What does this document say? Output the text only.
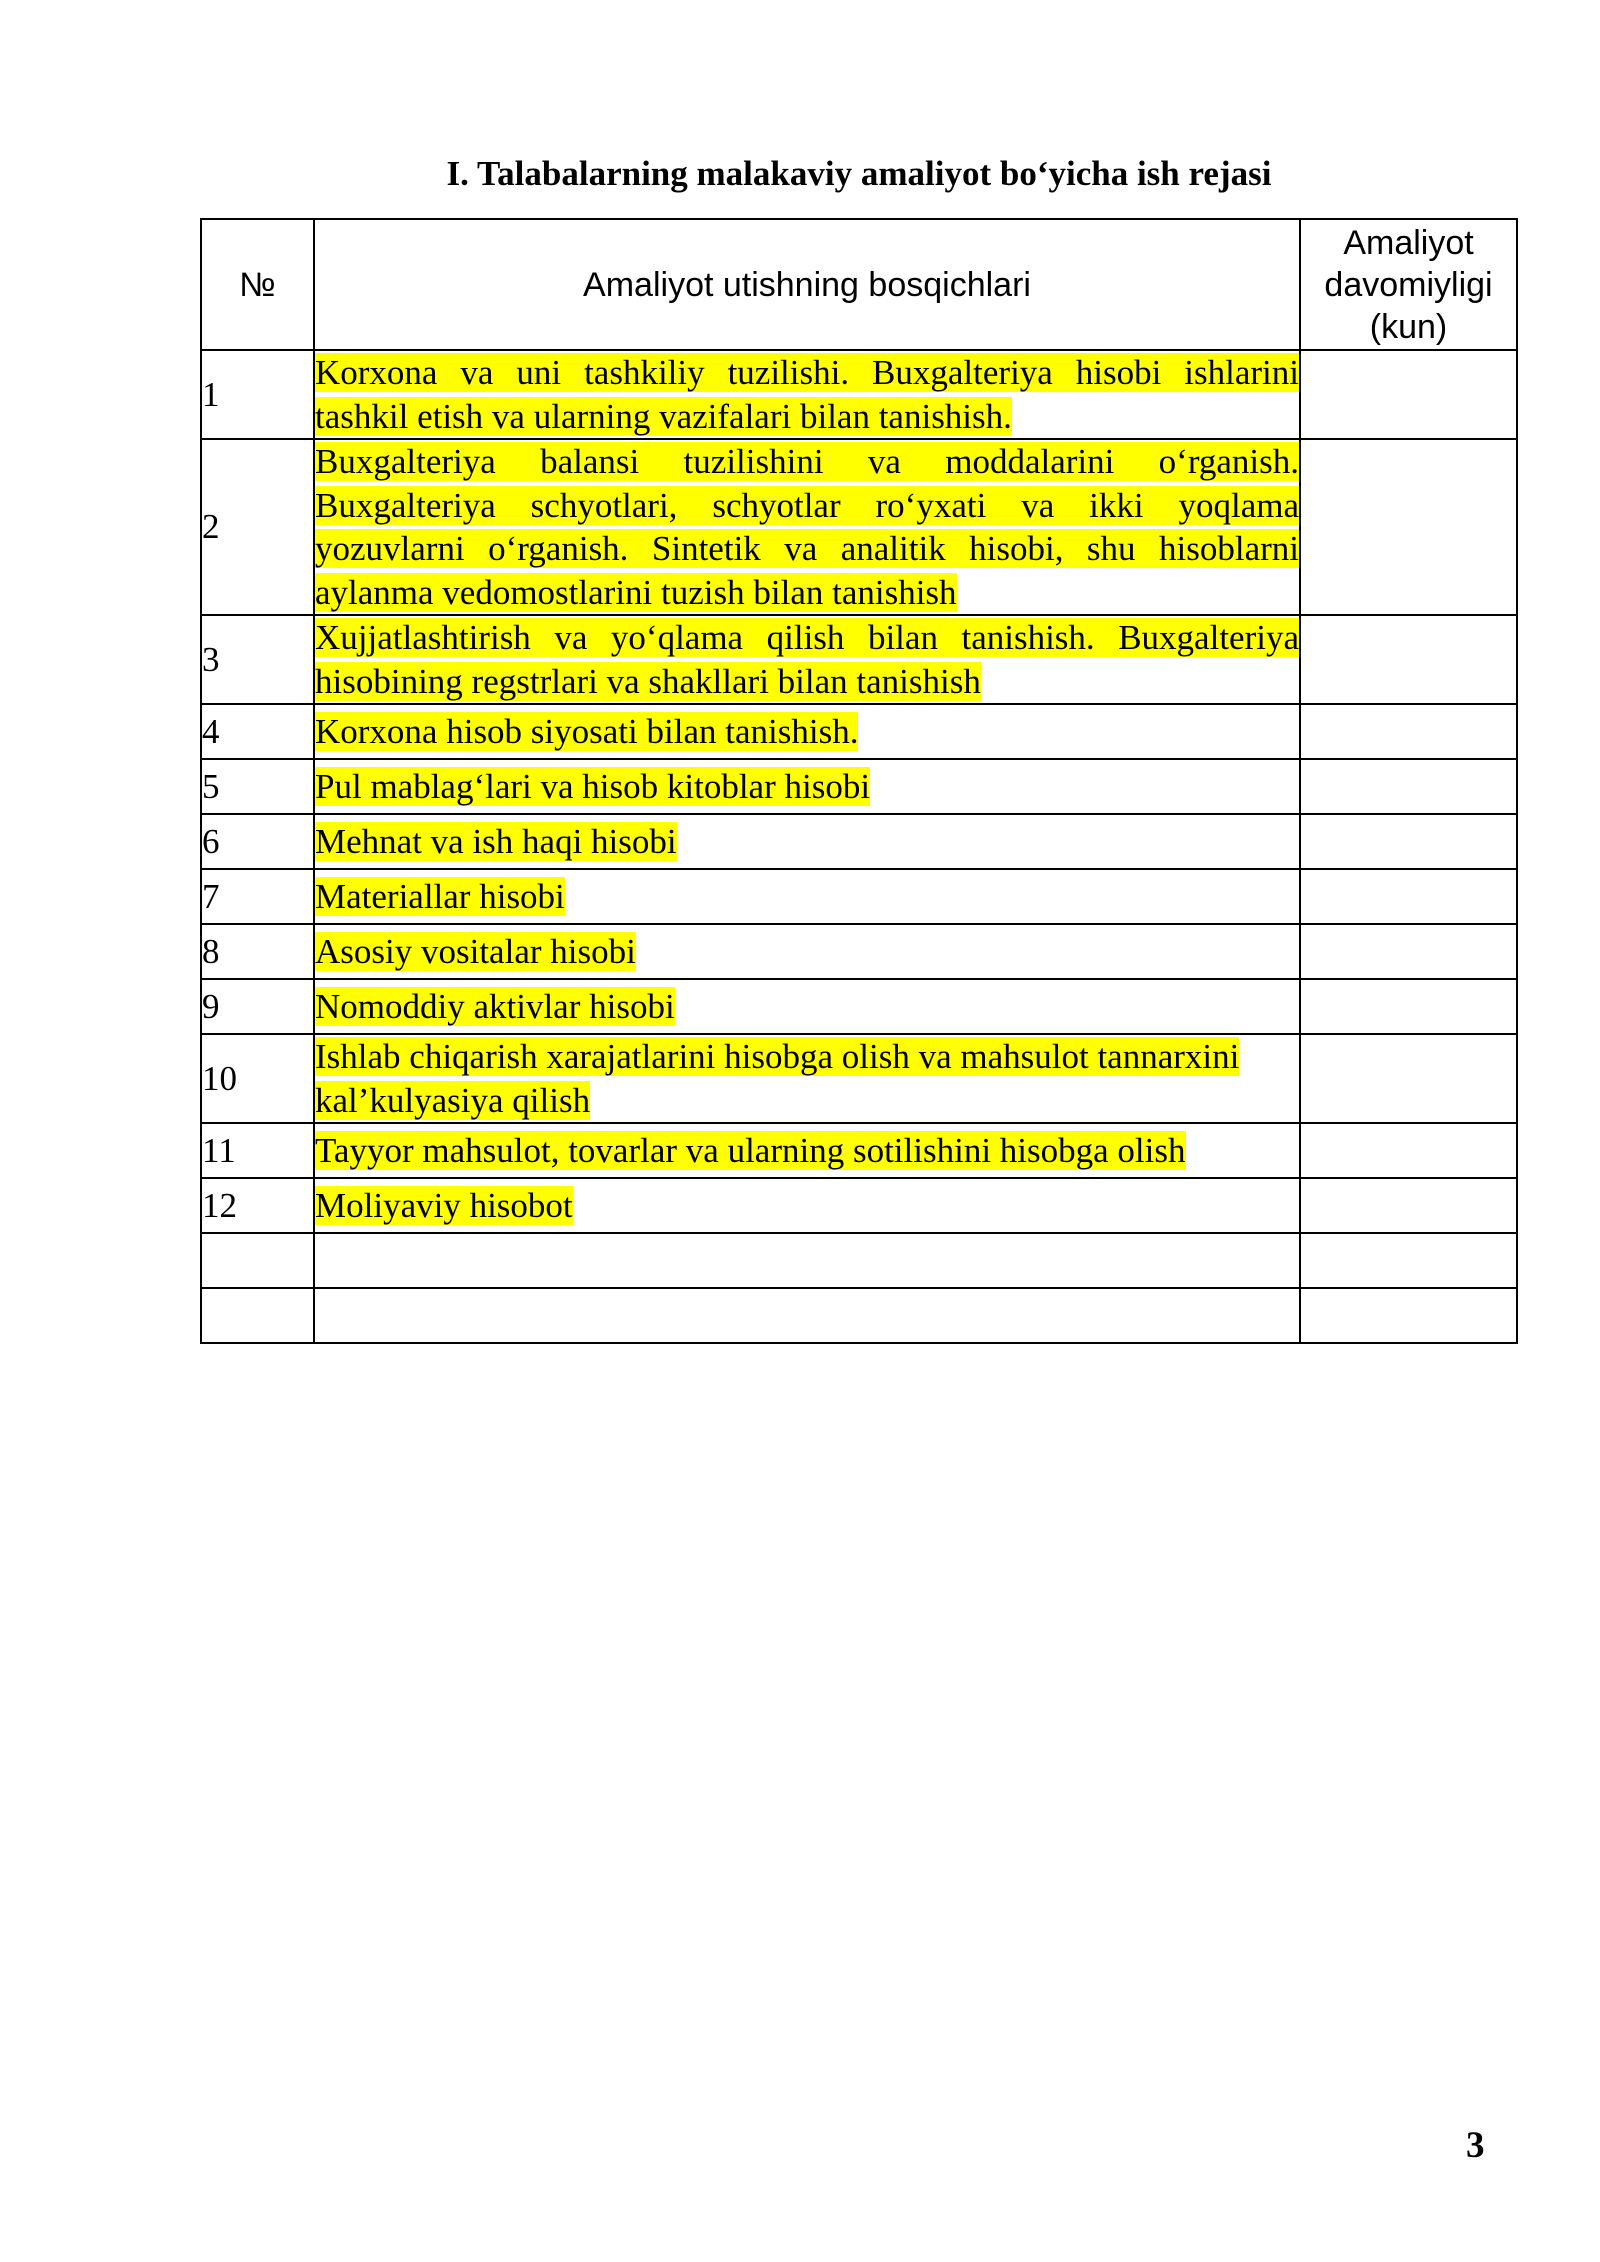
I. Talabalarning malakaviy amaliyot bo‘yicha ish rejasi
№	Amaliyot utishning bosqichlari	Amaliyot
davomiyligi
(kun)
1	Korxona va uni tashkiliy tuzilishi. Buxgalteriya hisobi ishlarini tashkil etish va ularning vazifalari bilan tanishish.	
2	Buxgalteriya balansi tuzilishini va moddalarini o‘rganish. Buxgalteriya schyotlari, schyotlar ro‘yxati va ikki yoqlama yozuvlarni o‘rganish. Sintetik va analitik hisobi, shu hisoblarni aylanma vedomostlarini tuzish bilan tanishish	
3	Xujjatlashtirish va yo‘qlama qilish bilan tanishish. Buxgalteriya hisobining regstrlari va shakllari bilan tanishish	
4	Korxona hisob siyosati bilan tanishish.	
5	Pul mablag‘lari va hisob kitoblar hisobi	
6	Mehnat va ish haqi hisobi	
7	Materiallar hisobi	
8	Asosiy vositalar hisobi	
9	Nomoddiy aktivlar hisobi	
10	Ishlab chiqarish xarajatlarini hisobga olish va mahsulot tannarxini kal’kulyasiya qilish	
11	Tayyor mahsulot, tovarlar va ularning sotilishini hisobga olish	
12	Moliyaviy hisobot	

3
